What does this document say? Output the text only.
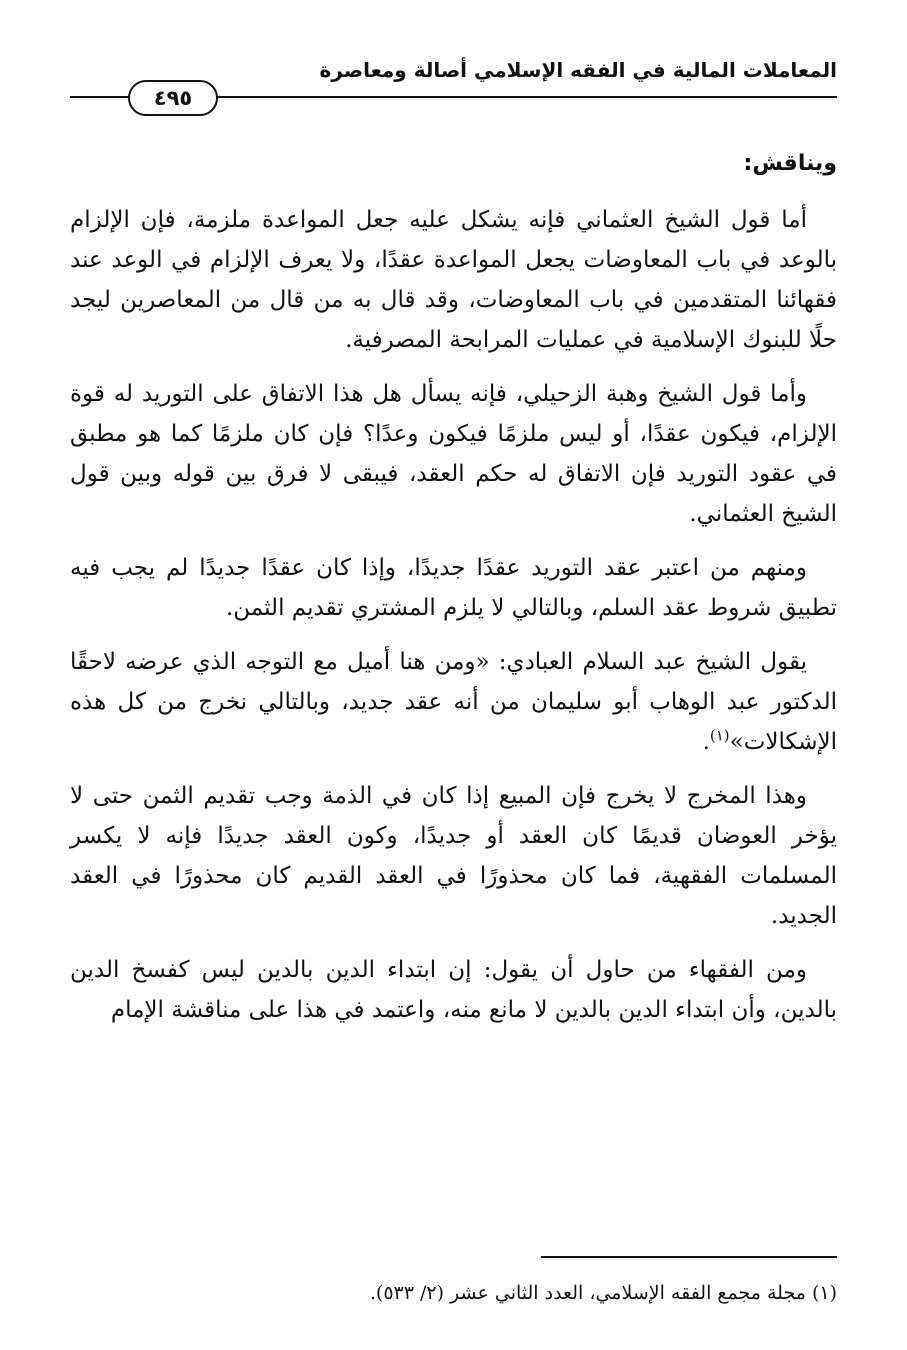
المعاملات المالية في الفقه الإسلامي أصالة ومعاصرة
٤٩٥
ويناقش:

أما قول الشيخ العثماني فإنه يشكل عليه جعل المواعدة ملزمة، فإن الإلزام بالوعد في باب المعاوضات يجعل المواعدة عقدًا، ولا يعرف الإلزام في الوعد عند فقهائنا المتقدمين في باب المعاوضات، وقد قال به من قال من المعاصرين ليجد حلًا للبنوك الإسلامية في عمليات المرابحة المصرفية.

وأما قول الشيخ وهبة الزحيلي، فإنه يسأل هل هذا الاتفاق على التوريد له قوة الإلزام، فيكون عقدًا، أو ليس ملزمًا فيكون وعدًا؟ فإن كان ملزمًا كما هو مطبق في عقود التوريد فإن الاتفاق له حكم العقد، فيبقى لا فرق بين قوله وبين قول الشيخ العثماني.

ومنهم من اعتبر عقد التوريد عقدًا جديدًا، وإذا كان عقدًا جديدًا لم يجب فيه تطبيق شروط عقد السلم، وبالتالي لا يلزم المشتري تقديم الثمن.

يقول الشيخ عبد السلام العبادي: «ومن هنا أميل مع التوجه الذي عرضه لاحقًا الدكتور عبد الوهاب أبو سليمان من أنه عقد جديد، وبالتالي نخرج من كل هذه الإشكالات»$^{(١)}$.

وهذا المخرج لا يخرج فإن المبيع إذا كان في الذمة وجب تقديم الثمن حتى لا يؤخر العوضان قديمًا كان العقد أو جديدًا، وكون العقد جديدًا فإنه لا يكسر المسلمات الفقهية، فما كان محذورًا في العقد القديم كان محذورًا في العقد الجديد.

ومن الفقهاء من حاول أن يقول: إن ابتداء الدين بالدين ليس كفسخ الدين بالدين، وأن ابتداء الدين بالدين لا مانع منه، واعتمد في هذا على مناقشة الإمام

(١) مجلة مجمع الفقه الإسلامي، العدد الثاني عشر (٢/ ٥٣٣).
